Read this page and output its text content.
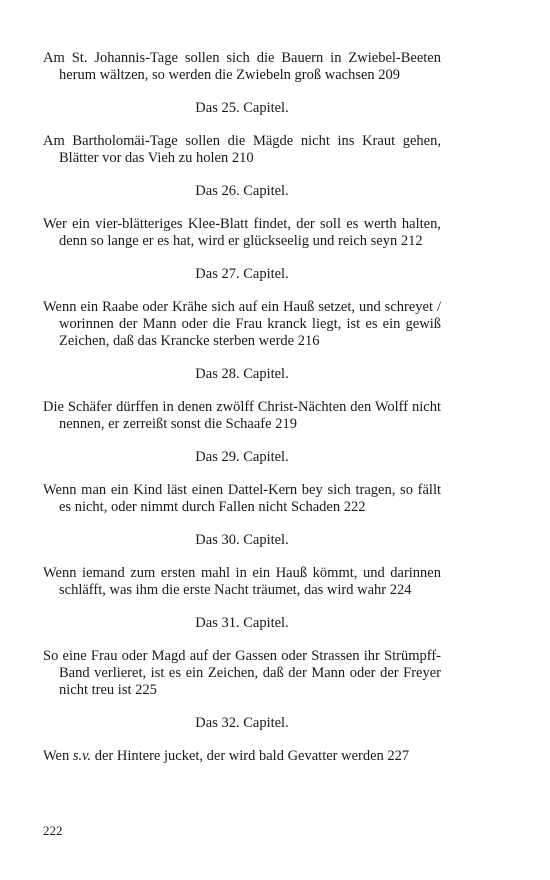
Am St. Johannis-Tage sollen sich die Bauern in Zwiebel-Beeten herum wältzen, so werden die Zwiebeln groß wachsen 209

Das 25. Capitel.

Am Bartholomäi-Tage sollen die Mägde nicht ins Kraut gehen, Blätter vor das Vieh zu holen 210

Das 26. Capitel.

Wer ein vier-blätteriges Klee-Blatt findet, der soll es werth halten, denn so lange er es hat, wird er glückseelig und reich seyn 212

Das 27. Capitel.

Wenn ein Raabe oder Krähe sich auf ein Hauß setzet, und schreyet / worinnen der Mann oder die Frau kranck liegt, ist es ein gewiß Zeichen, daß das Krancke sterben werde 216

Das 28. Capitel.

Die Schäfer dürffen in denen zwölff Christ-Nächten den Wolff nicht nennen, er zerreißt sonst die Schaafe 219

Das 29. Capitel.

Wenn man ein Kind läst einen Dattel-Kern bey sich tragen, so fällt es nicht, oder nimmt durch Fallen nicht Schaden 222

Das 30. Capitel.

Wenn iemand zum ersten mahl in ein Hauß kömmt, und darinnen schläfft, was ihm die erste Nacht träumet, das wird wahr 224

Das 31. Capitel.

So eine Frau oder Magd auf der Gassen oder Strassen ihr Strümpff-Band verlieret, ist es ein Zeichen, daß der Mann oder der Freyer nicht treu ist 225

Das 32. Capitel.

Wen s.v. der Hintere jucket, der wird bald Gevatter werden 227

222
